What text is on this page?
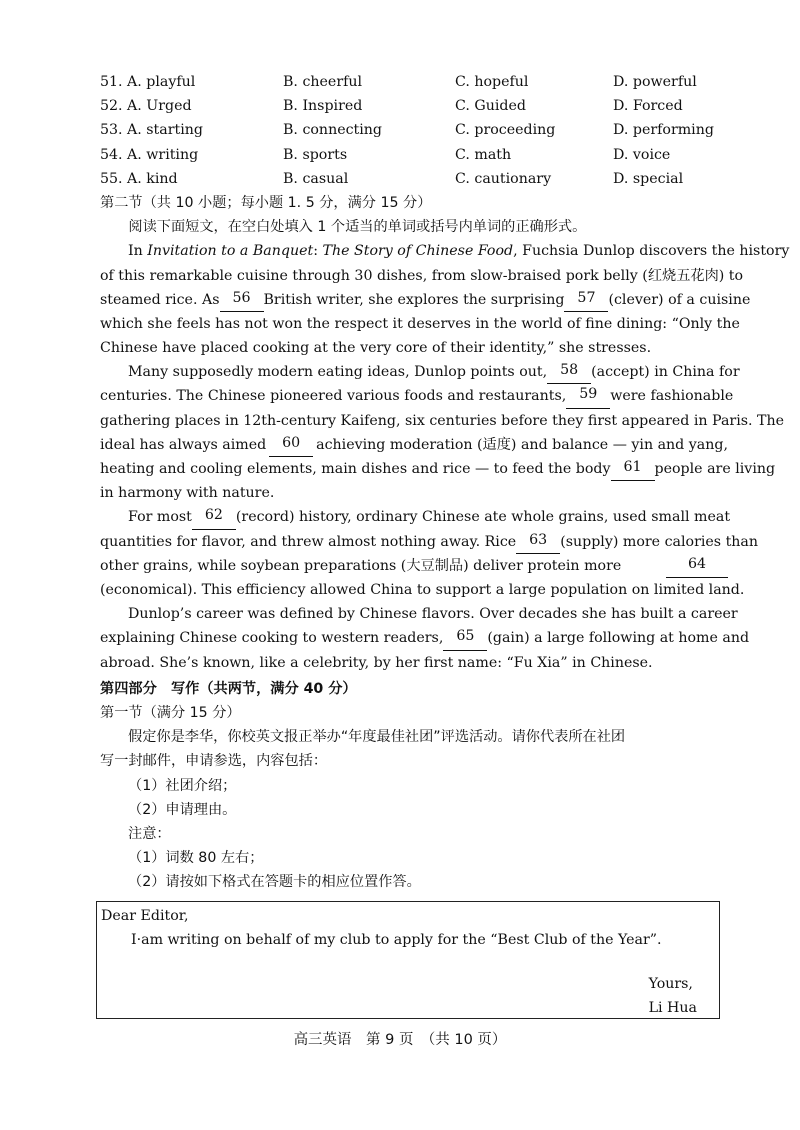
51. A. playful	B. cheerful	C. hopeful	D. powerful
52. A. Urged	B. Inspired	C. Guided	D. Forced
53. A. starting	B. connecting	C. proceeding	D. performing
54. A. writing	B. sports	C. math	D. voice
55. A. kind	B. casual	C. cautionary	D. special
第二节（共 10 小题；每小题 1. 5 分，满分 15 分）
阅读下面短文，在空白处填入 1 个适当的单词或括号内单词的正确形式。
In Invitation to a Banquet: The Story of Chinese Food, Fuchsia Dunlop discovers the history
of this remarkable cuisine through 30 dishes, from slow-braised pork belly (红烧五花肉) to
steamed rice. As 56 British writer, she explores the surprising 57 (clever) of a cuisine
which she feels has not won the respect it deserves in the world of fine dining: “Only the
Chinese have placed cooking at the very core of their identity,” she stresses.
Many supposedly modern eating ideas, Dunlop points out, 58 (accept) in China for
centuries. The Chinese pioneered various foods and restaurants, 59 were fashionable
gathering places in 12th-century Kaifeng, six centuries before they first appeared in Paris. The
ideal has always aimed	60	achieving moderation (适度) and balance — yin and yang,
heating and cooling elements, main dishes and rice — to feed the body 61 people are living
in harmony with nature.
For most 62 (record) history, ordinary Chinese ate whole grains, used small meat
quantities for flavor, and threw almost nothing away. Rice 63 (supply) more calories than
other grains, while soybean preparations (大豆制品) deliver protein more	64
(economical). This efficiency allowed China to support a large population on limited land.
Dunlop’s career was defined by Chinese flavors. Over decades she has built a career
explaining Chinese cooking to western readers, 65 (gain) a large following at home and
abroad. She’s known, like a celebrity, by her first name: “Fu Xia” in Chinese.
第四部分　写作（共两节，满分 40 分）
第一节（满分 15 分）
假定你是李华，你校英文报正举办“年度最佳社团”评选活动。请你代表所在社团
写一封邮件，申请参选，内容包括：
（1）社团介绍；
（2）申请理由。
注意：
（1）词数 80 左右；
（2）请按如下格式在答题卡的相应位置作答。
Dear Editor,
I·am writing on behalf of my club to apply for the “Best Club of the Year”.
Yours,
Li Hua
高三英语　第 9 页　（共 10 页）
